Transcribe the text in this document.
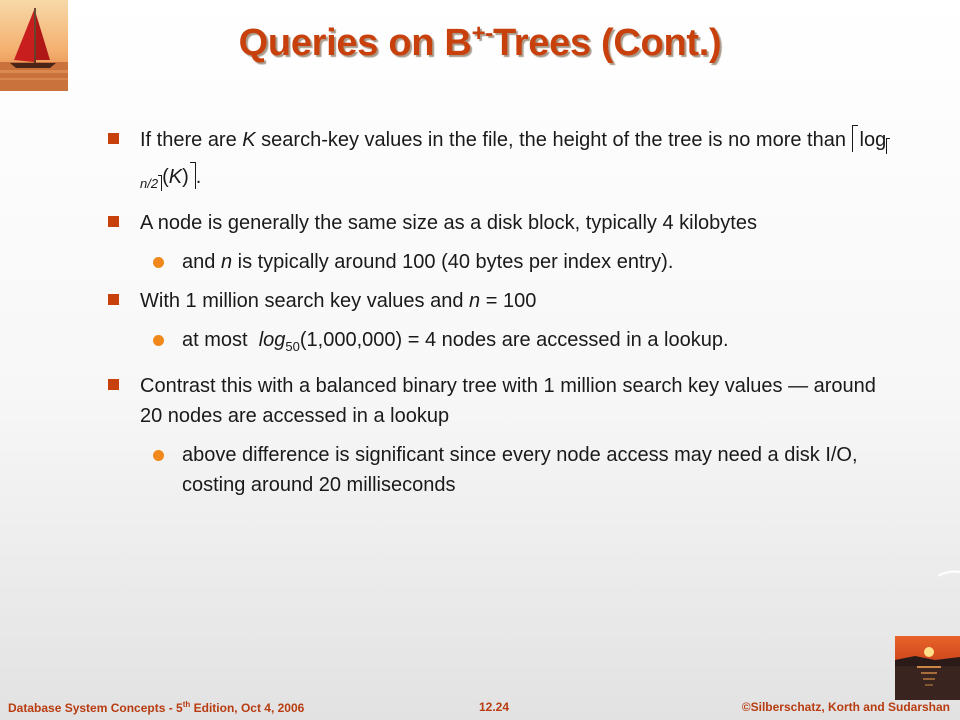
Queries on B+-Trees (Cont.)
If there are K search-key values in the file, the height of the tree is no more than $\log_{n/2} (K)$ .
A node is generally the same size as a disk block, typically 4 kilobytes
and n is typically around 100 (40 bytes per index entry).
With 1 million search key values and n = 100
at most  $\log_{50}(1,000,000) = 4$ nodes are accessed in a lookup.
Contrast this with a balanced binary tree with 1 million search key values — around 20 nodes are accessed in a lookup
above difference is significant since every node access may need a disk I/O, costing around 20 milliseconds
Database System Concepts - 5th Edition, Oct 4, 2006	12.24	©Silberschatz, Korth and Sudarshan
